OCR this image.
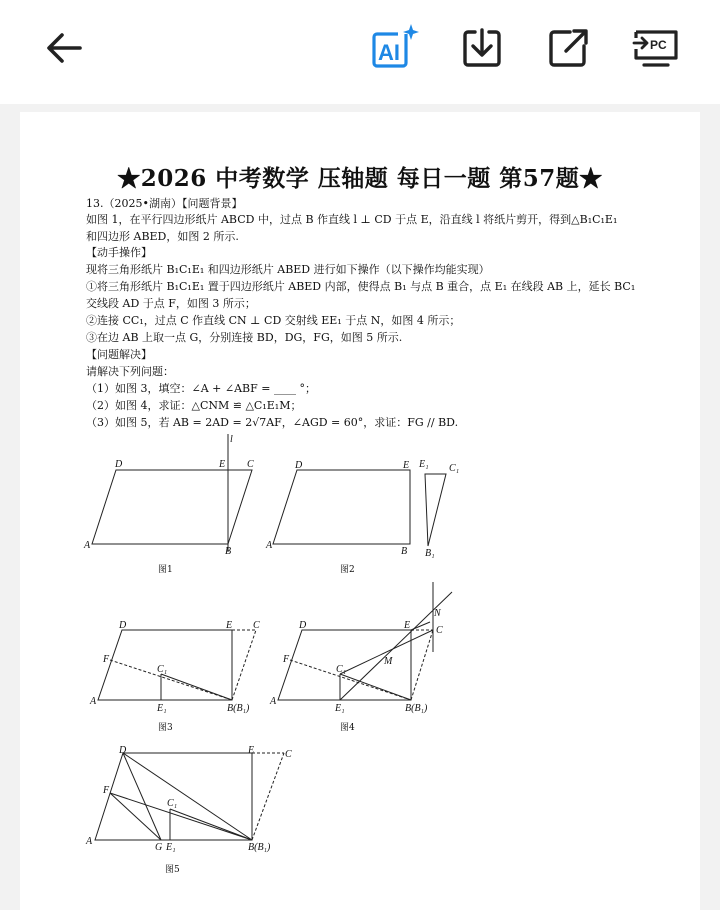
AI	PC
★2026 中考数学 压轴题 每日一题 第57题★
13.（2025•湖南）【问题背景】
如图 1，在平行四边形纸片 ABCD 中，过点 B 作直线 l ⊥ CD 于点 E，沿直线 l 将纸片剪开，得到△B₁C₁E₁
和四边形 ABED，如图 2 所示.
【动手操作】
现将三角形纸片 B₁C₁E₁ 和四边形纸片 ABED 进行如下操作（以下操作均能实现）
①将三角形纸片 B₁C₁E₁ 置于四边形纸片 ABED 内部，使得点 B₁ 与点 B 重合，点 E₁ 在线段 AB 上，延长 BC₁
交线段 AD 于点 F，如图 3 所示；
②连接 CC₁，过点 C 作直线 CN ⊥ CD 交射线 EE₁ 于点 N，如图 4 所示；
③在边 AB 上取一点 G，分别连接 BD，DG，FG，如图 5 所示.
【问题解决】
请解决下列问题：
（1）如图 3，填空：∠A + ∠ABF = ____ °；
（2）如图 4，求证：△CNM ≌ △C₁E₁M；
（3）如图 5，若 AB = 2AD = 2√7AF，∠AGD = 60°，求证：FG // BD.
D	E C
l
A
B
图1
D	E E₁ C₁
A
B B₁
图2
D	E C
F
C₁
A
E₁	B(B₁)
图3
D	E	C
N
F
C₁
M
A
E₁	B(B₁)
图4
D	E	C
F
C₁
A
G E₁	B(B₁)
图5
